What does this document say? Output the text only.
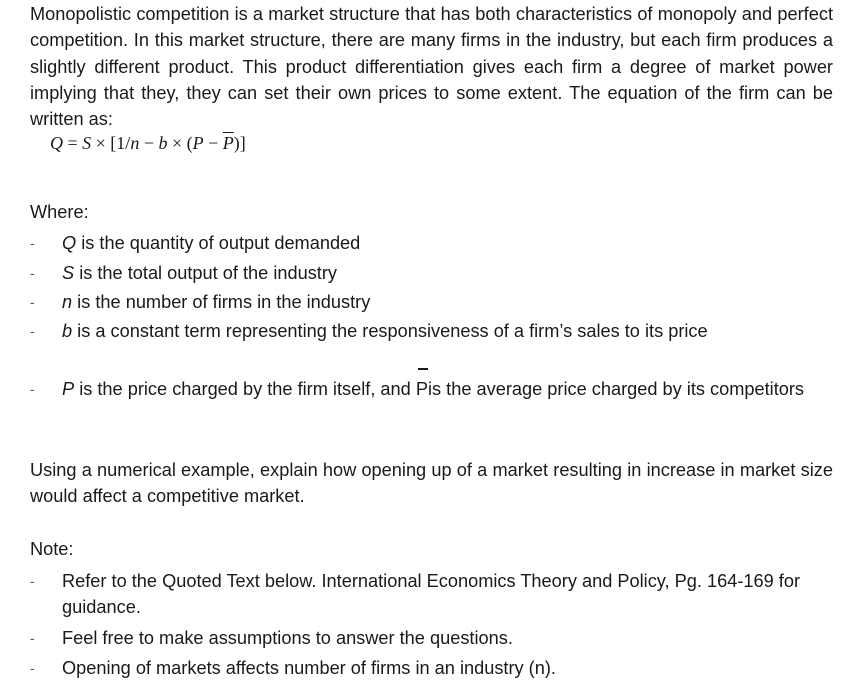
Monopolistic competition is a market structure that has both characteristics of monopoly and perfect competition. In this market structure, there are many firms in the industry, but each firm produces a slightly different product. This product differentiation gives each firm a degree of market power implying that they, they can set their own prices to some extent. The equation of the firm can be written as:

$Q = S \times [1/n - b \times (P - \overline{P})]$

Where:

- Q is the quantity of output demanded
- S is the total output of the industry
- n is the number of firms in the industry
- b is a constant term representing the responsiveness of a firm’s sales to its price
- P is the price charged by the firm itself, and Pis the average price charged by its competitors

Using a numerical example, explain how opening up of a market resulting in increase in market size would affect a competitive market.

Note:

- Refer to the Quoted Text below. International Economics Theory and Policy, Pg. 164-169 for guidance.
- Feel free to make assumptions to answer the questions.
- Opening of markets affects number of firms in an industry (n).
